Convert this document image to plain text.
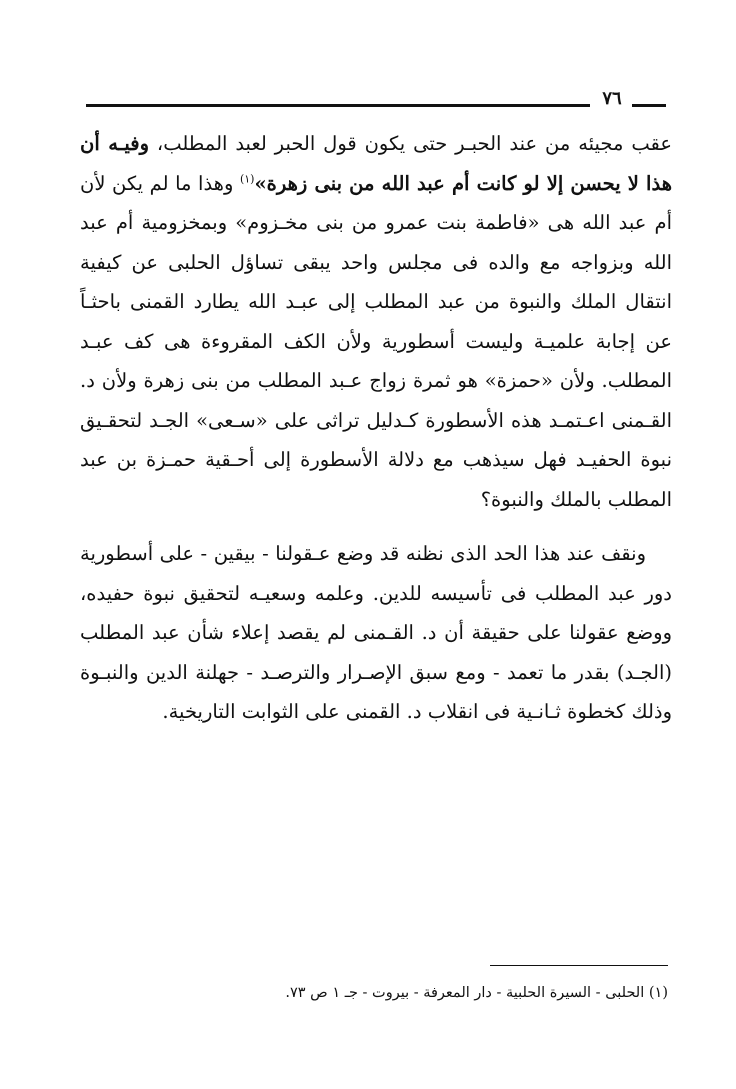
٧٦

عقب مجيئه من عند الحبـر حتى يكون قول الحبر لعبد المطلب، وفيـه أن هذا لا يحسن إلا لو كانت أم عبد الله من بنى زهرة»$^{(١)}$ وهذا ما لم يكن لأن أم عبد الله هى «فاطمة بنت عمرو من بنى مخـزوم» وبمخزومية أم عبد الله وبزواجه مع والده فى مجلس واحد يبقى تساؤل الحلبى عن كيفية انتقال الملك والنبوة من عبد المطلب إلى عبـد الله يطارد القمنى باحثـاً عن إجابة علميـة وليست أسطورية ولأن الكف المقروءة هى كف عبـد المطلب. ولأن «حمزة» هو ثمرة زواج عـبد المطلب من بنى زهرة ولأن د. القـمنى اعـتمـد هذه الأسطورة كـدليل تراثى على «سـعى» الجـد لتحقـيق نبوة الحفيـد فهل سيذهب مع دلالة الأسطورة إلى أحـقية حمـزة بن عبد المطلب بالملك والنبوة؟

ونقف عند هذا الحد الذى نظنه قد وضع عـقولنا - بيقين - على أسطورية دور عبد المطلب فى تأسيسه للدين. وعلمه وسعيـه لتحقيق نبوة حفيده، ووضع عقولنا على حقيقة أن د. القـمنى لم يقصد إعلاء شأن عبد المطلب (الجـد) بقدر ما تعمد - ومع سبق الإصـرار والترصـد - جهلنة الدين والنبـوة وذلك كخطوة ثـانـية فى انقلاب د. القمنى على الثوابت التاريخية.

(١) الحلبى - السيرة الحلبية - دار المعرفة - بيروت - جـ ١ ص ٧٣.
